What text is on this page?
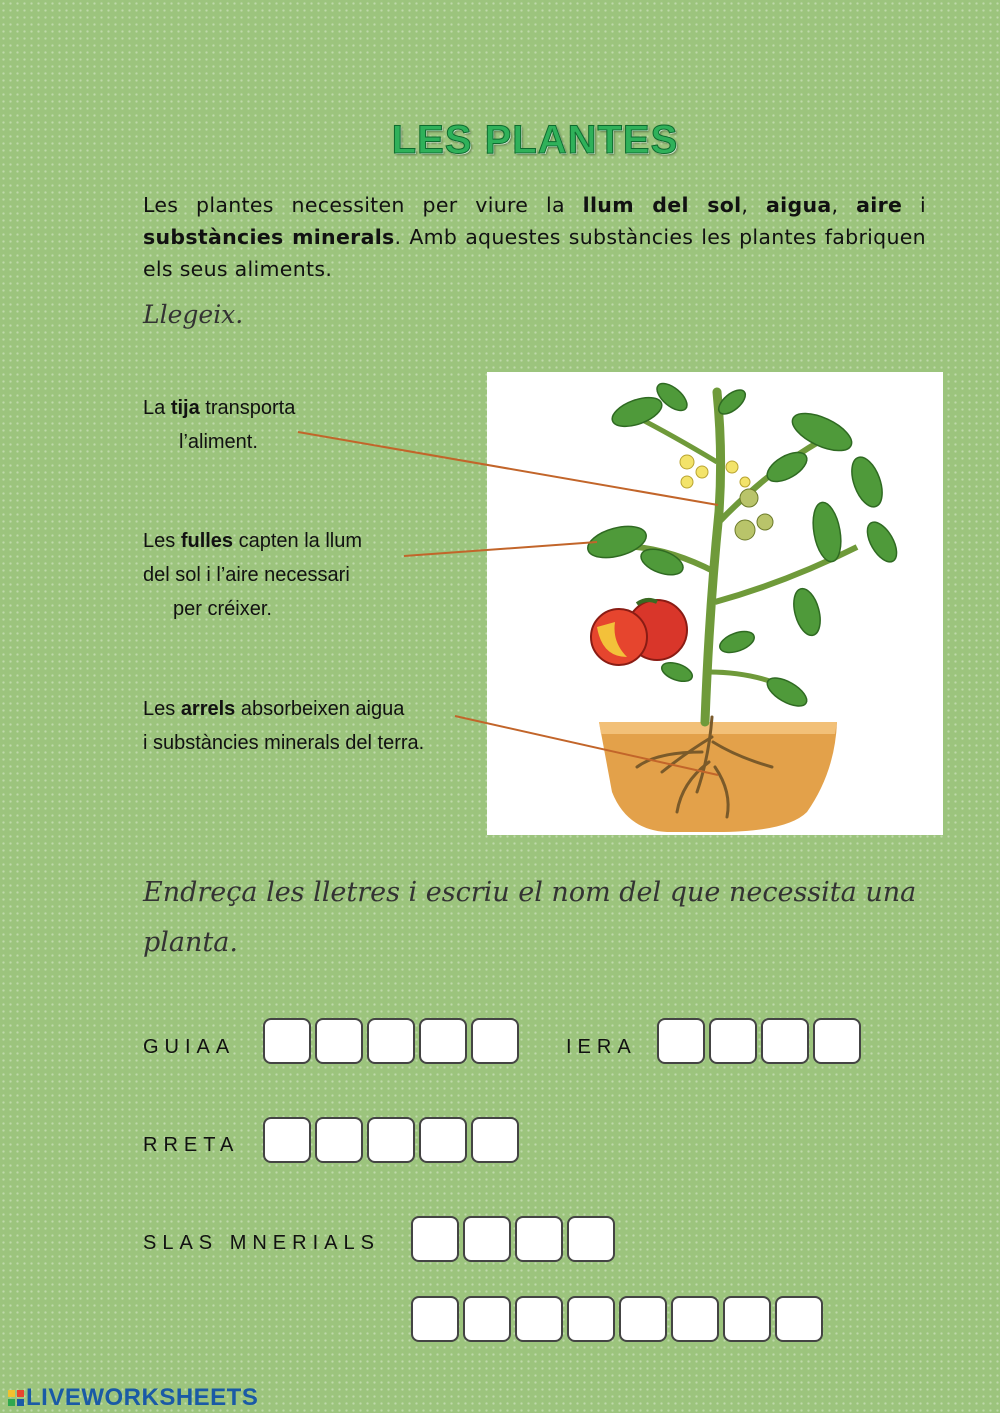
LES PLANTES
Les plantes necessiten per viure la llum del sol, aigua, aire i substàncies minerals. Amb aquestes substàncies les plantes fabriquen els seus aliments.
Llegeix.
La tija transporta
l’aliment.
Les fulles capten la llum
del sol i l’aire necessari
per créixer.
Les arrels absorbeixen aigua
i substàncies minerals del terra.
Endreça les lletres i escriu el nom del que necessita una planta.
GUIAA	IERA
RRETA
SLAS MNERIALS
LIVEWORKSHEETS
